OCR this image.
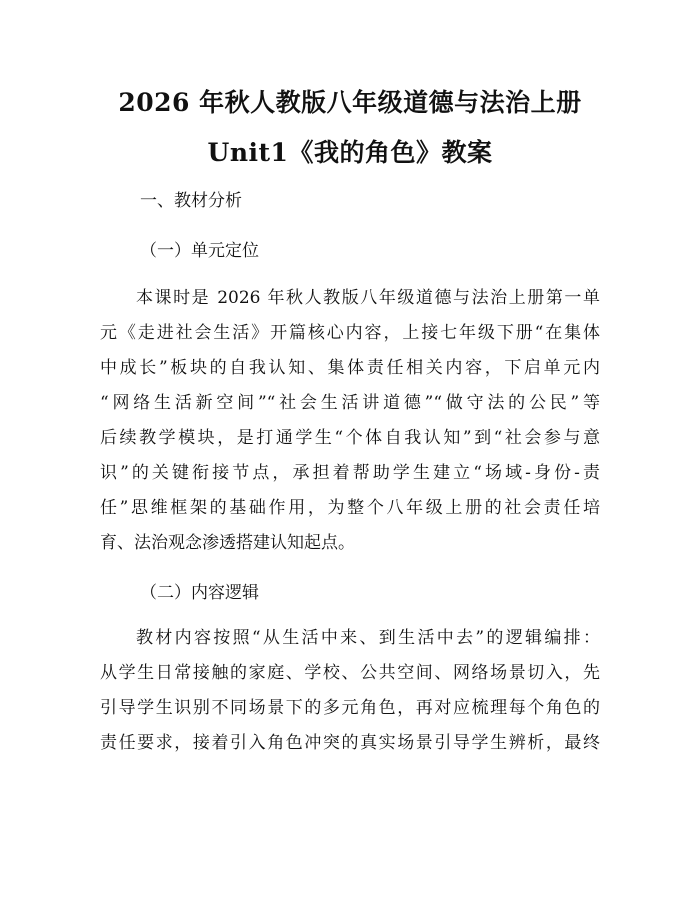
2026 年秋人教版八年级道德与法治上册
Unit1《我的角色》教案
一、教材分析
（一）单元定位
本课时是 2026 年秋人教版八年级道德与法治上册第一单
元《走进社会生活》开篇核心内容，上接七年级下册“在集体
中成长”板块的自我认知、集体责任相关内容，下启单元内
“网络生活新空间”“社会生活讲道德”“做守法的公民”等
后续教学模块，是打通学生“个体自我认知”到“社会参与意
识”的关键衔接节点，承担着帮助学生建立“场域-身份-责
任”思维框架的基础作用，为整个八年级上册的社会责任培
育、法治观念渗透搭建认知起点。
（二）内容逻辑
教材内容按照“从生活中来、到生活中去”的逻辑编排：
从学生日常接触的家庭、学校、公共空间、网络场景切入，先
引导学生识别不同场景下的多元角色，再对应梳理每个角色的
责任要求，接着引入角色冲突的真实场景引导学生辨析，最终
